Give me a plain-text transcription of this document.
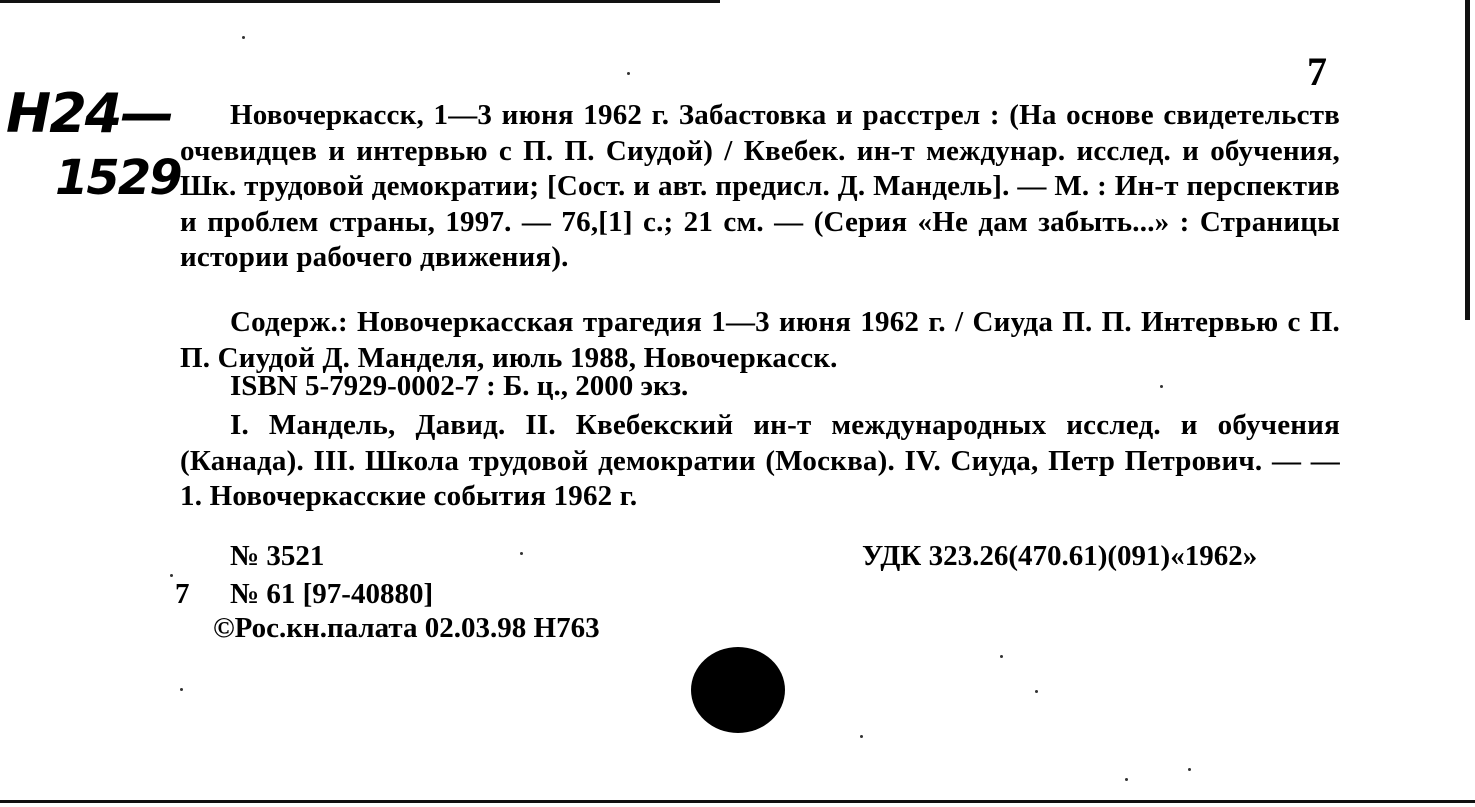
Н24—
1529
7
Новочеркасск, 1—3 июня 1962 г. Забастовка и расстрел : (На основе свидетельств очевидцев и интервью с П. П. Сиудой) / Квебек. ин-т междунар. исслед. и обучения, Шк. трудовой демократии; [Сост. и авт. предисл. Д. Мандель]. — М. : Ин-т перспектив и проблем страны, 1997. — 76,[1] с.; 21 см. — (Серия «Не дам забыть...» : Страницы истории рабочего движения).
Содерж.: Новочеркасская трагедия 1—3 июня 1962 г. / Сиуда П. П. Интервью с П. П. Сиудой Д. Манделя, июль 1988, Новочеркасск.
ISBN 5-7929-0002-7 : Б. ц., 2000 экз.
I. Мандель, Давид. II. Квебекский ин-т международных исслед. и обучения (Канада). III. Школа трудовой демократии (Москва). IV. Сиуда, Петр Петрович. — — 1. Новочеркасские события 1962 г.
№ 3521	УДК 323.26(470.61)(091)«1962»
7 № 61 [97-40880]
©Рос.кн.палата 02.03.98 Н763
